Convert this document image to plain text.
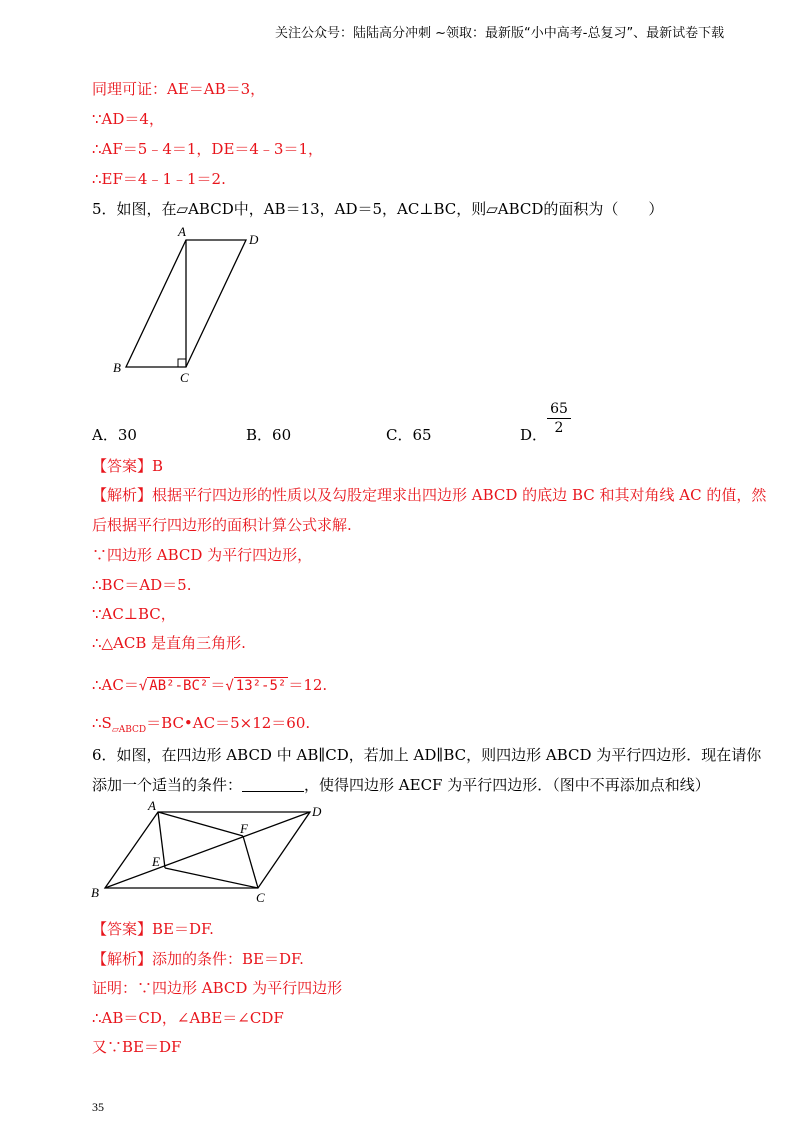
关注公众号：陆陆高分冲刺 ~领取：最新版“小中高考-总复习”、最新试卷下载
同理可证：AE＝AB＝3，
∵AD＝4，
∴AF＝5﹣4＝1，DE＝4﹣3＝1，
∴EF＝4﹣1﹣1＝2.
5．如图，在▱ABCD中，AB＝13，AD＝5，AC⊥BC，则▱ABCD的面积为（　　）
A
D
B
C
A．30	B．60	C．65	D．
65
2
【答案】B
【解析】根据平行四边形的性质以及勾股定理求出四边形 ABCD 的底边 BC 和其对角线 AC 的值，然
后根据平行四边形的面积计算公式求解.
∵四边形 ABCD 为平行四边形，
∴BC＝AD＝5.
∵AC⊥BC，
∴△ACB 是直角三角形.
∴AC＝√ AB²-BC² ＝√ 13²-5² ＝12.
$\therefore S_{▱ABCD}=BC•AC=5\times 12=60$.
6．如图，在四边形 ABCD 中 AB∥CD，若加上 AD∥BC，则四边形 ABCD 为平行四边形．现在请你
添加一个适当的条件：	，使得四边形 AECF 为平行四边形．（图中不再添加点和线）
A	D
B	C
E
F
【答案】BE＝DF.
【解析】添加的条件：BE＝DF.
证明：∵四边形 ABCD 为平行四边形
∴AB＝CD，∠ABE＝∠CDF
又∵BE＝DF
35
